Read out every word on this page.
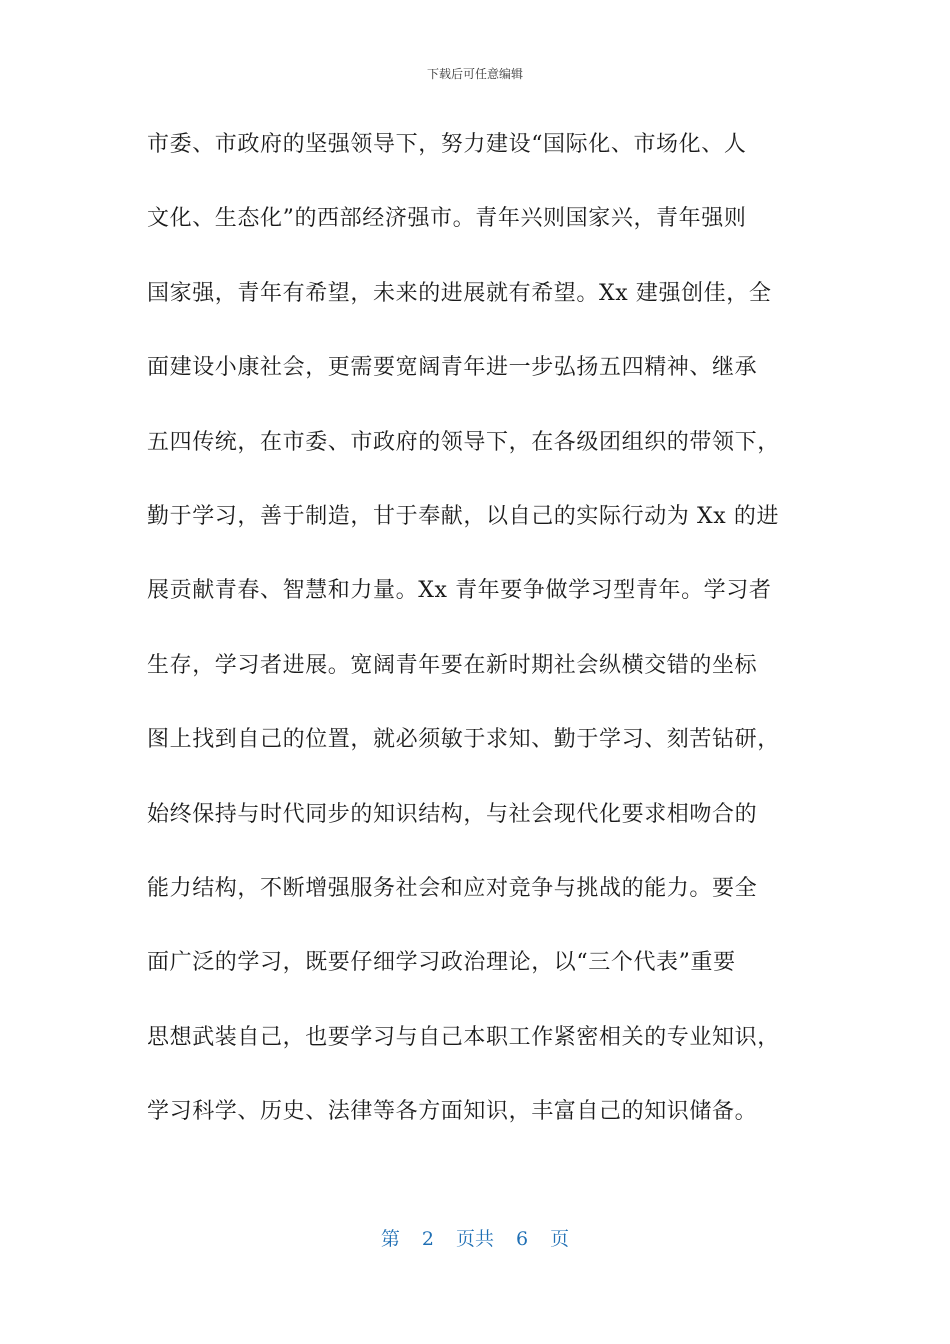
下载后可任意编辑
市委、市政府的坚强领导下，努力建设“国际化、市场化、人
文化、生态化”的西部经济强市。青年兴则国家兴，青年强则
国家强，青年有希望，未来的进展就有希望。Xx 建强创佳，全
面建设小康社会，更需要宽阔青年进一步弘扬五四精神、继承
五四传统，在市委、市政府的领导下，在各级团组织的带领下，
勤于学习，善于制造，甘于奉献，以自己的实际行动为 Xx 的进
展贡献青春、智慧和力量。Xx 青年要争做学习型青年。学习者
生存，学习者进展。宽阔青年要在新时期社会纵横交错的坐标
图上找到自己的位置，就必须敏于求知、勤于学习、刻苦钻研，
始终保持与时代同步的知识结构，与社会现代化要求相吻合的
能力结构，不断增强服务社会和应对竞争与挑战的能力。要全
面广泛的学习，既要仔细学习政治理论，以“三个代表”重要
思想武装自己，也要学习与自己本职工作紧密相关的专业知识，
学习科学、历史、法律等各方面知识，丰富自己的知识储备。
第 2 页共 6 页
